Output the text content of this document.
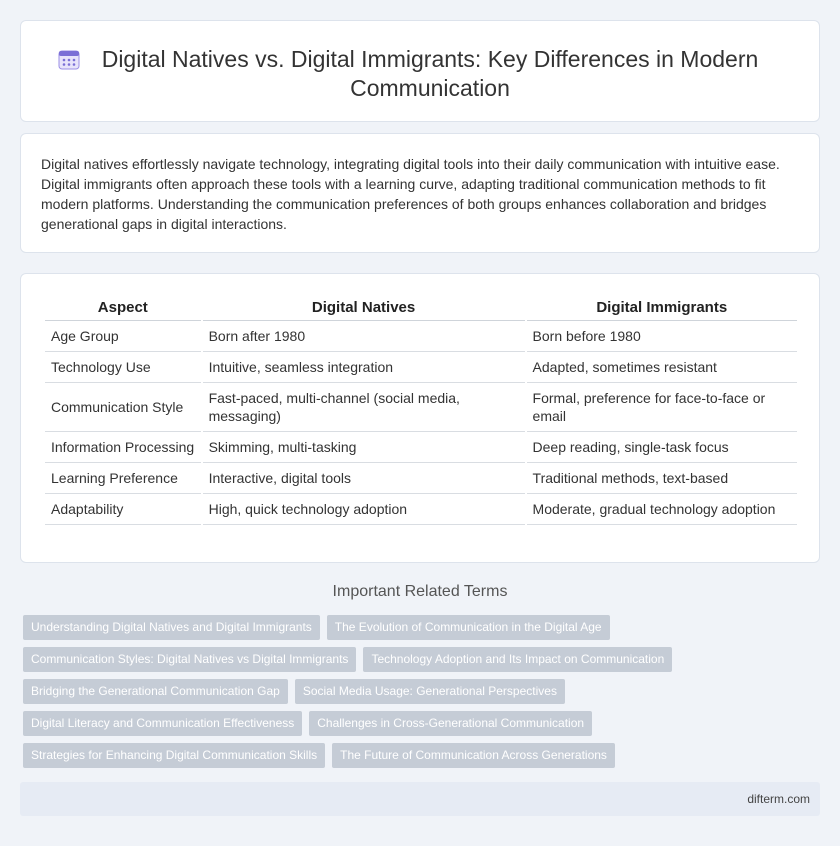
Digital Natives vs. Digital Immigrants: Key Differences in Modern Communication

Digital natives effortlessly navigate technology, integrating digital tools into their daily communication with intuitive ease. Digital immigrants often approach these tools with a learning curve, adapting traditional communication methods to fit modern platforms. Understanding the communication preferences of both groups enhances collaboration and bridges generational gaps in digital interactions.

Aspect	Digital Natives	Digital Immigrants
Age Group	Born after 1980	Born before 1980
Technology Use	Intuitive, seamless integration	Adapted, sometimes resistant
Communication Style	Fast-paced, multi-channel (social media, messaging)	Formal, preference for face-to-face or email
Information Processing	Skimming, multi-tasking	Deep reading, single-task focus
Learning Preference	Interactive, digital tools	Traditional methods, text-based
Adaptability	High, quick technology adoption	Moderate, gradual technology adoption
Important Related Terms
Understanding Digital Natives and Digital Immigrants	The Evolution of Communication in the Digital Age
Communication Styles: Digital Natives vs Digital Immigrants	Technology Adoption and Its Impact on Communication
Bridging the Generational Communication Gap	Social Media Usage: Generational Perspectives
Digital Literacy and Communication Effectiveness	Challenges in Cross-Generational Communication
Strategies for Enhancing Digital Communication Skills	The Future of Communication Across Generations
difterm.com
